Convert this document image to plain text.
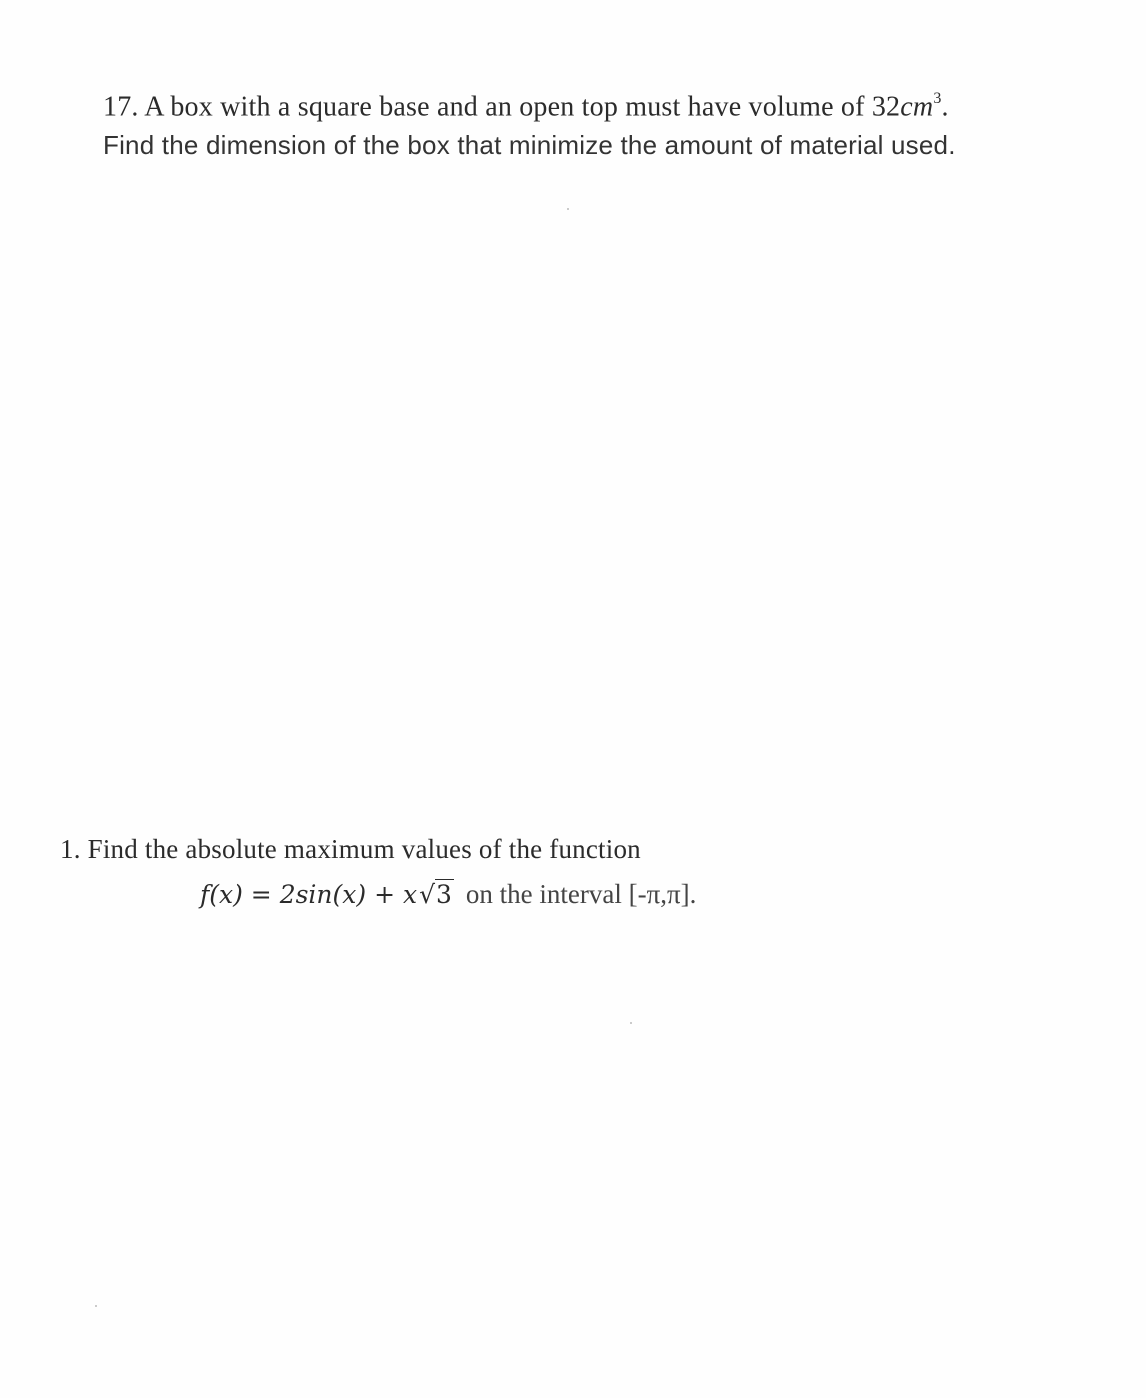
17. A box with a square base and an open top must have volume of $32cm^3$.
Find the dimension of the box that minimize the amount of material used.
1. Find the absolute maximum values of the function
f(x) = 2sin(x) + x√3 on the interval [-π,π].
